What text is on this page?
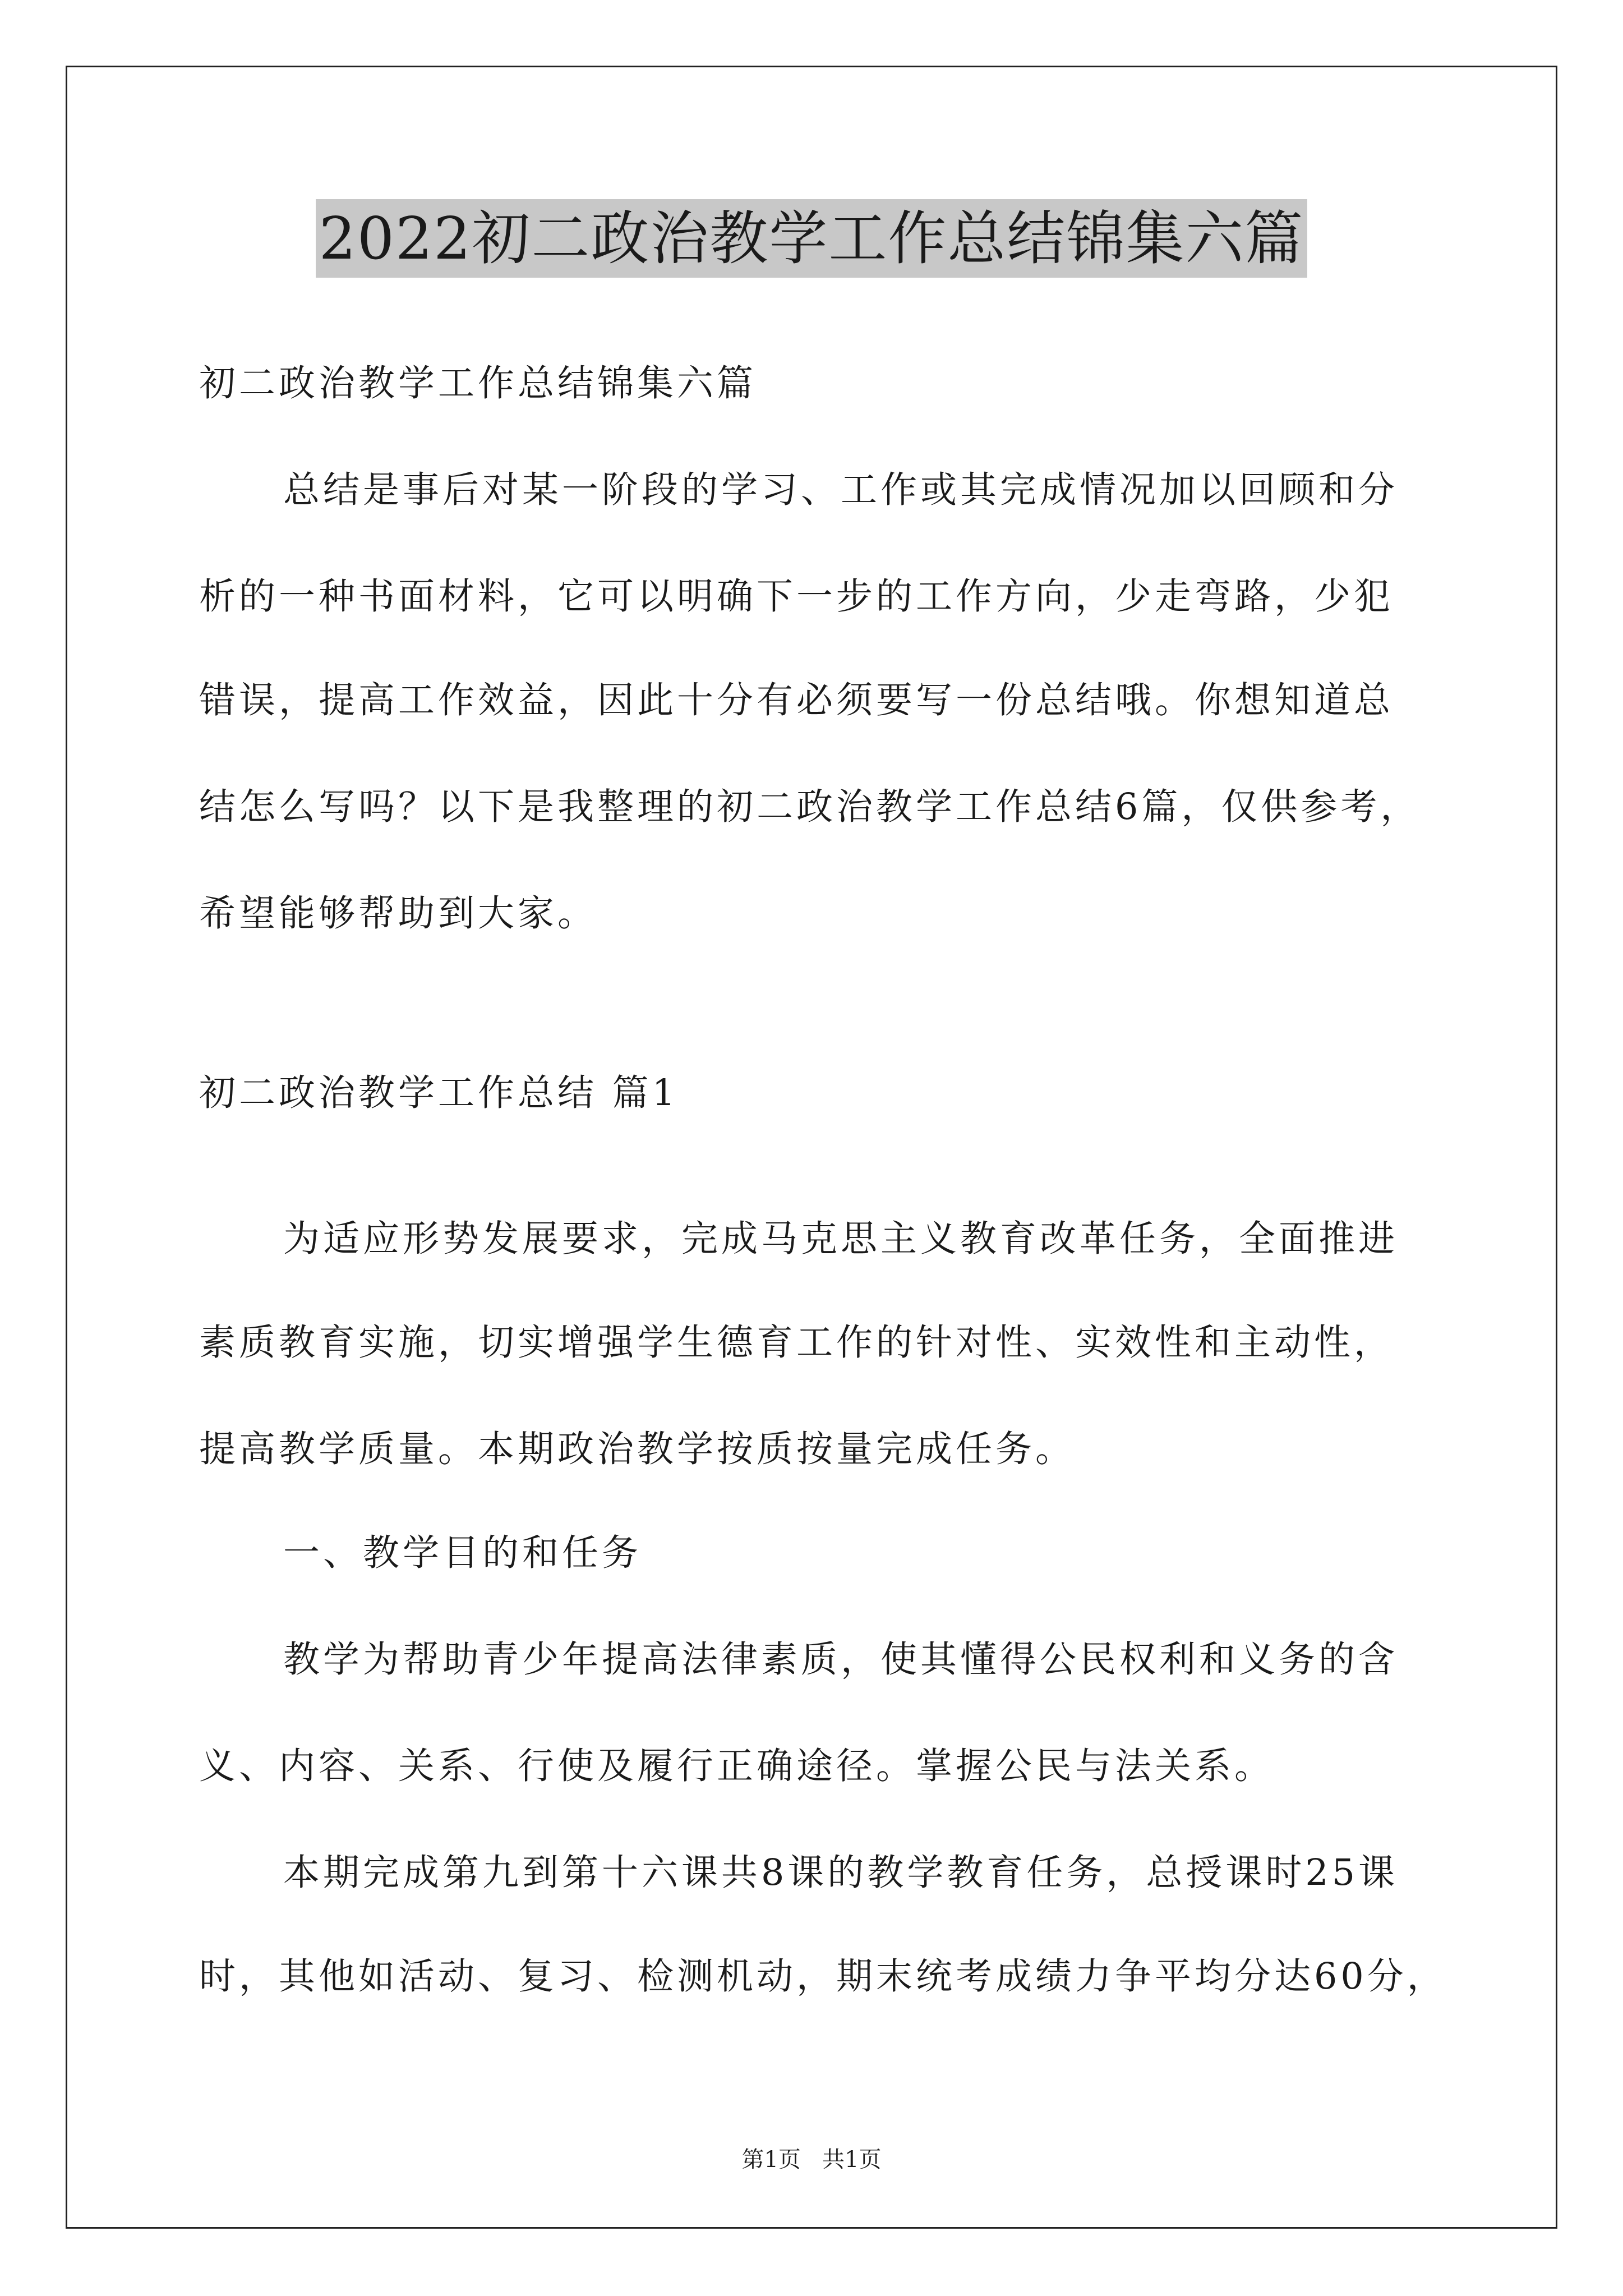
2022初二政治教学工作总结锦集六篇
初二政治教学工作总结锦集六篇
总结是事后对某一阶段的学习、工作或其完成情况加以回顾和分
析的一种书面材料，它可以明确下一步的工作方向，少走弯路，少犯
错误，提高工作效益，因此十分有必须要写一份总结哦。你想知道总
结怎么写吗？以下是我整理的初二政治教学工作总结6篇，仅供参考，
希望能够帮助到大家。
初二政治教学工作总结 篇1
为适应形势发展要求，完成马克思主义教育改革任务，全面推进
素质教育实施，切实增强学生德育工作的针对性、实效性和主动性，
提高教学质量。本期政治教学按质按量完成任务。
一、教学目的和任务
教学为帮助青少年提高法律素质，使其懂得公民权利和义务的含
义、内容、关系、行使及履行正确途径。掌握公民与法关系。
本期完成第九到第十六课共8课的教学教育任务，总授课时25课
时，其他如活动、复习、检测机动，期末统考成绩力争平均分达60分，
第1页   共1页
